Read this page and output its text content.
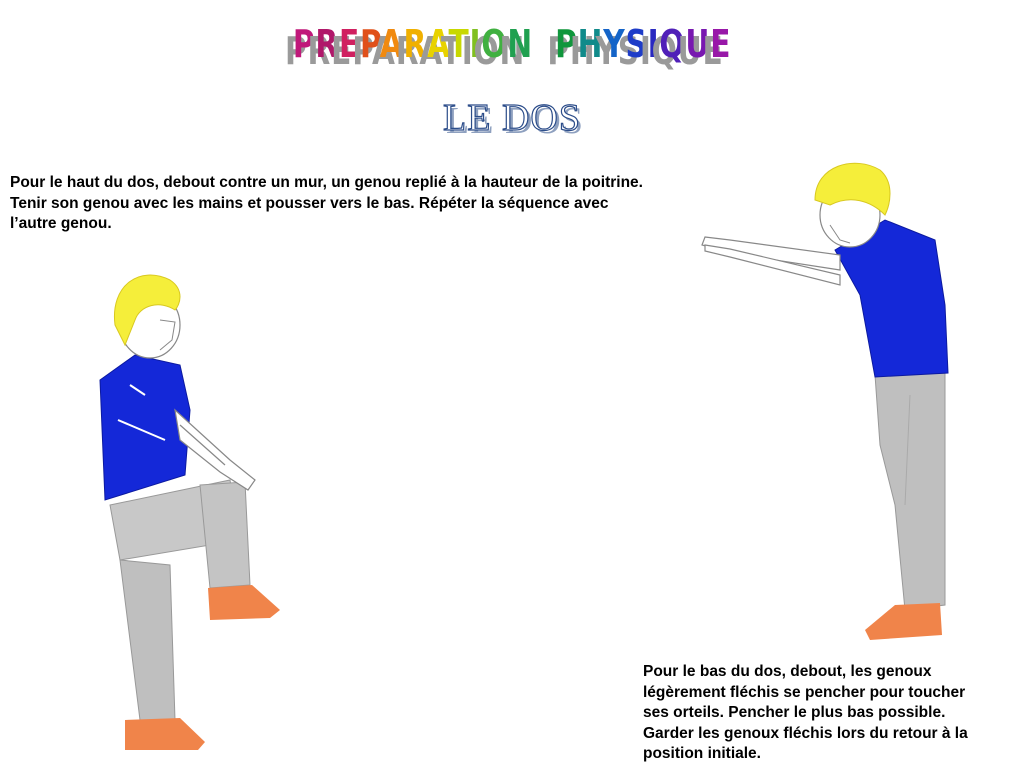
PREPARATION PHYSIQUE
LE DOS
Pour le haut du dos, debout contre un mur, un genou replié à la hauteur de la poitrine. Tenir son genou avec les mains et pousser vers le bas. Répéter la séquence avec l’autre genou.
Pour le bas du dos, debout, les genoux légèrement fléchis se pencher pour toucher ses orteils. Pencher le plus bas possible. Garder les genoux fléchis lors du retour à la position initiale.
